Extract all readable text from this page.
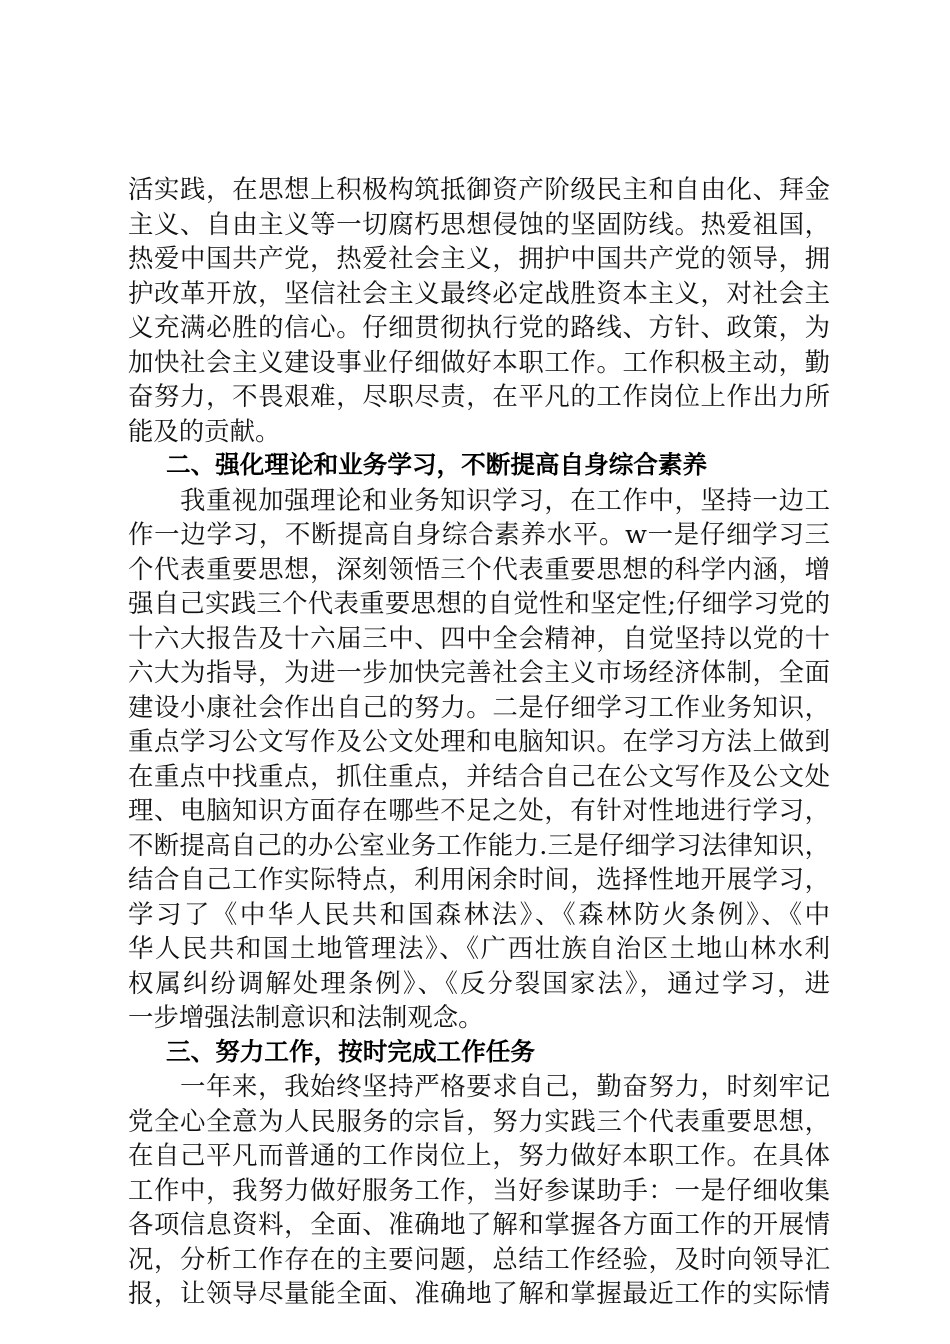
活实践，在思想上积极构筑抵御资产阶级民主和自由化、拜金
主义、自由主义等一切腐朽思想侵蚀的坚固防线。热爱祖国，
热爱中国共产党，热爱社会主义，拥护中国共产党的领导，拥
护改革开放，坚信社会主义最终必定战胜资本主义，对社会主
义充满必胜的信心。仔细贯彻执行党的路线、方针、政策，为
加快社会主义建设事业仔细做好本职工作。工作积极主动，勤
奋努力，不畏艰难，尽职尽责，在平凡的工作岗位上作出力所
能及的贡献。
二、强化理论和业务学习，不断提高自身综合素养
我重视加强理论和业务知识学习，在工作中，坚持一边工
作一边学习，不断提高自身综合素养水平。w一是仔细学习三
个代表重要思想，深刻领悟三个代表重要思想的科学内涵，增
强自己实践三个代表重要思想的自觉性和坚定性;仔细学习党的
十六大报告及十六届三中、四中全会精神，自觉坚持以党的十
六大为指导，为进一步加快完善社会主义市场经济体制，全面
建设小康社会作出自己的努力。二是仔细学习工作业务知识，
重点学习公文写作及公文处理和电脑知识。在学习方法上做到
在重点中找重点，抓住重点，并结合自己在公文写作及公文处
理、电脑知识方面存在哪些不足之处，有针对性地进行学习，
不断提高自己的办公室业务工作能力.三是仔细学习法律知识，
结合自己工作实际特点，利用闲余时间，选择性地开展学习，
学习了《中华人民共和国森林法》、《森林防火条例》、《中
华人民共和国土地管理法》、《广西壮族自治区土地山林水利
权属纠纷调解处理条例》、《反分裂国家法》，通过学习，进
一步增强法制意识和法制观念。
三、努力工作，按时完成工作任务
一年来，我始终坚持严格要求自己，勤奋努力，时刻牢记
党全心全意为人民服务的宗旨，努力实践三个代表重要思想，
在自己平凡而普通的工作岗位上，努力做好本职工作。在具体
工作中，我努力做好服务工作，当好参谋助手：一是仔细收集
各项信息资料，全面、准确地了解和掌握各方面工作的开展情
况，分析工作存在的主要问题，总结工作经验，及时向领导汇
报，让领导尽量能全面、准确地了解和掌握最近工作的实际情
